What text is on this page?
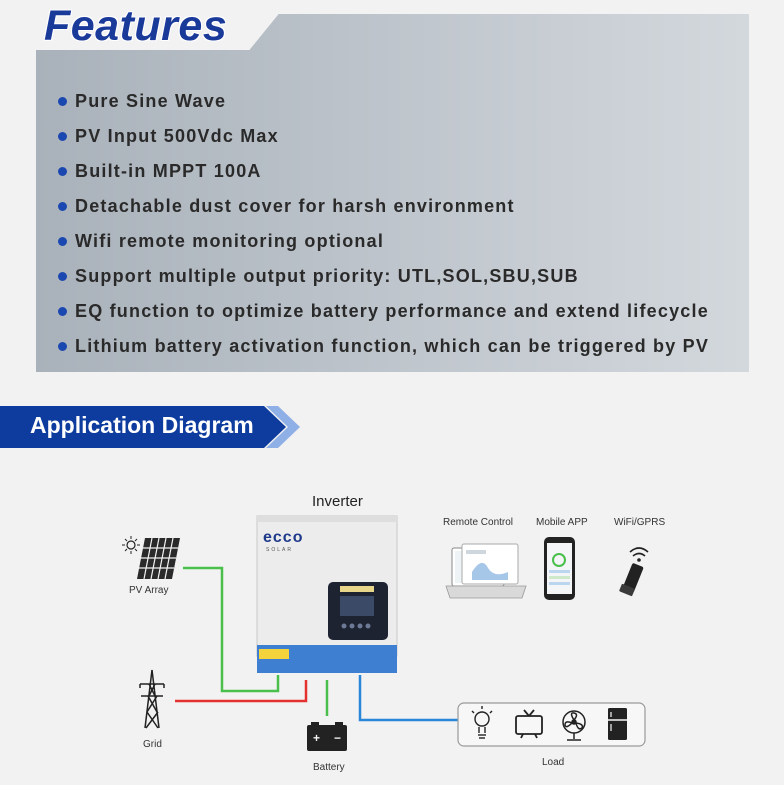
Features
Pure Sine Wave
PV Input 500Vdc Max
Built-in MPPT 100A
Detachable dust cover for harsh environment
Wifi remote monitoring optional
Support multiple output priority: UTL,SOL,SBU,SUB
EQ function to optimize battery performance and extend lifecycle
Lithium battery activation function, which can be triggered by PV
Application Diagram
+ −
Inverter
ecco
SOLAR
PV Array
Grid
Battery	Load
Remote Control Mobile APP	WiFi/GPRS
